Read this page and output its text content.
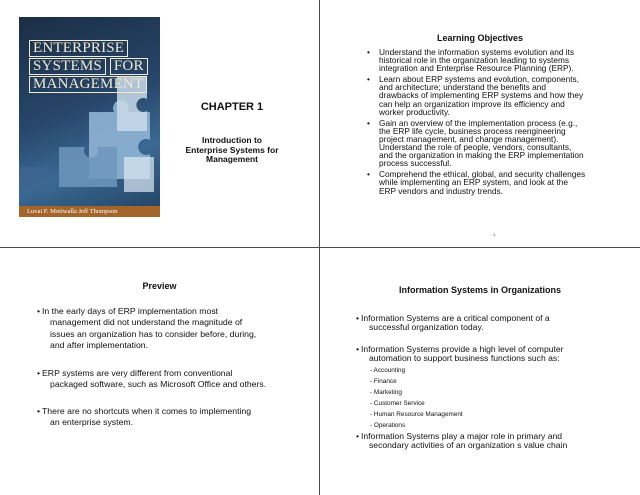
ENTERPRISE SYSTEMS FOR MANAGEMENT
Luvai F. Motiwalla Jeff Thompson
CHAPTER 1
Introduction to
Enterprise Systems for
Management
Learning Objectives
• Understand the information systems evolution and its
historical role in the organization leading to systems
integration and Enterprise Resource Planning (ERP).
• Learn about ERP systems and evolution, components,
and architecture; understand the benefits and
drawbacks of implementing ERP systems and how they
can help an organization improve its efficiency and
worker productivity.
• Gain an overview of the implementation process (e.g.,
the ERP life cycle, business process reengineering
project management, and change management).
Understand the role of people, vendors, consultants,
and the organization in making the ERP implementation
process successful.
• Comprehend the ethical, global, and security challenges
while implementing an ERP system, and look at the
ERP vendors and industry trends.
1
Preview
• In the early days of ERP implementation most
management did not understand the magnitude of
issues an organization has to consider before, during,
and after implementation.
• ERP systems are very different from conventional
packaged software, such as Microsoft Office and others.
• There are no shortcuts when it comes to implementing
an enterprise system.
Information Systems in Organizations
• Information Systems are a critical component of a
successful organization today.
• Information Systems provide a high level of computer
automation to support business functions such as:
- Accounting
- Finance
- Marketing
- Customer Service
- Human Resource Management
- Operations
• Information Systems play a major role in primary and
secondary activities of an organization s value chain
